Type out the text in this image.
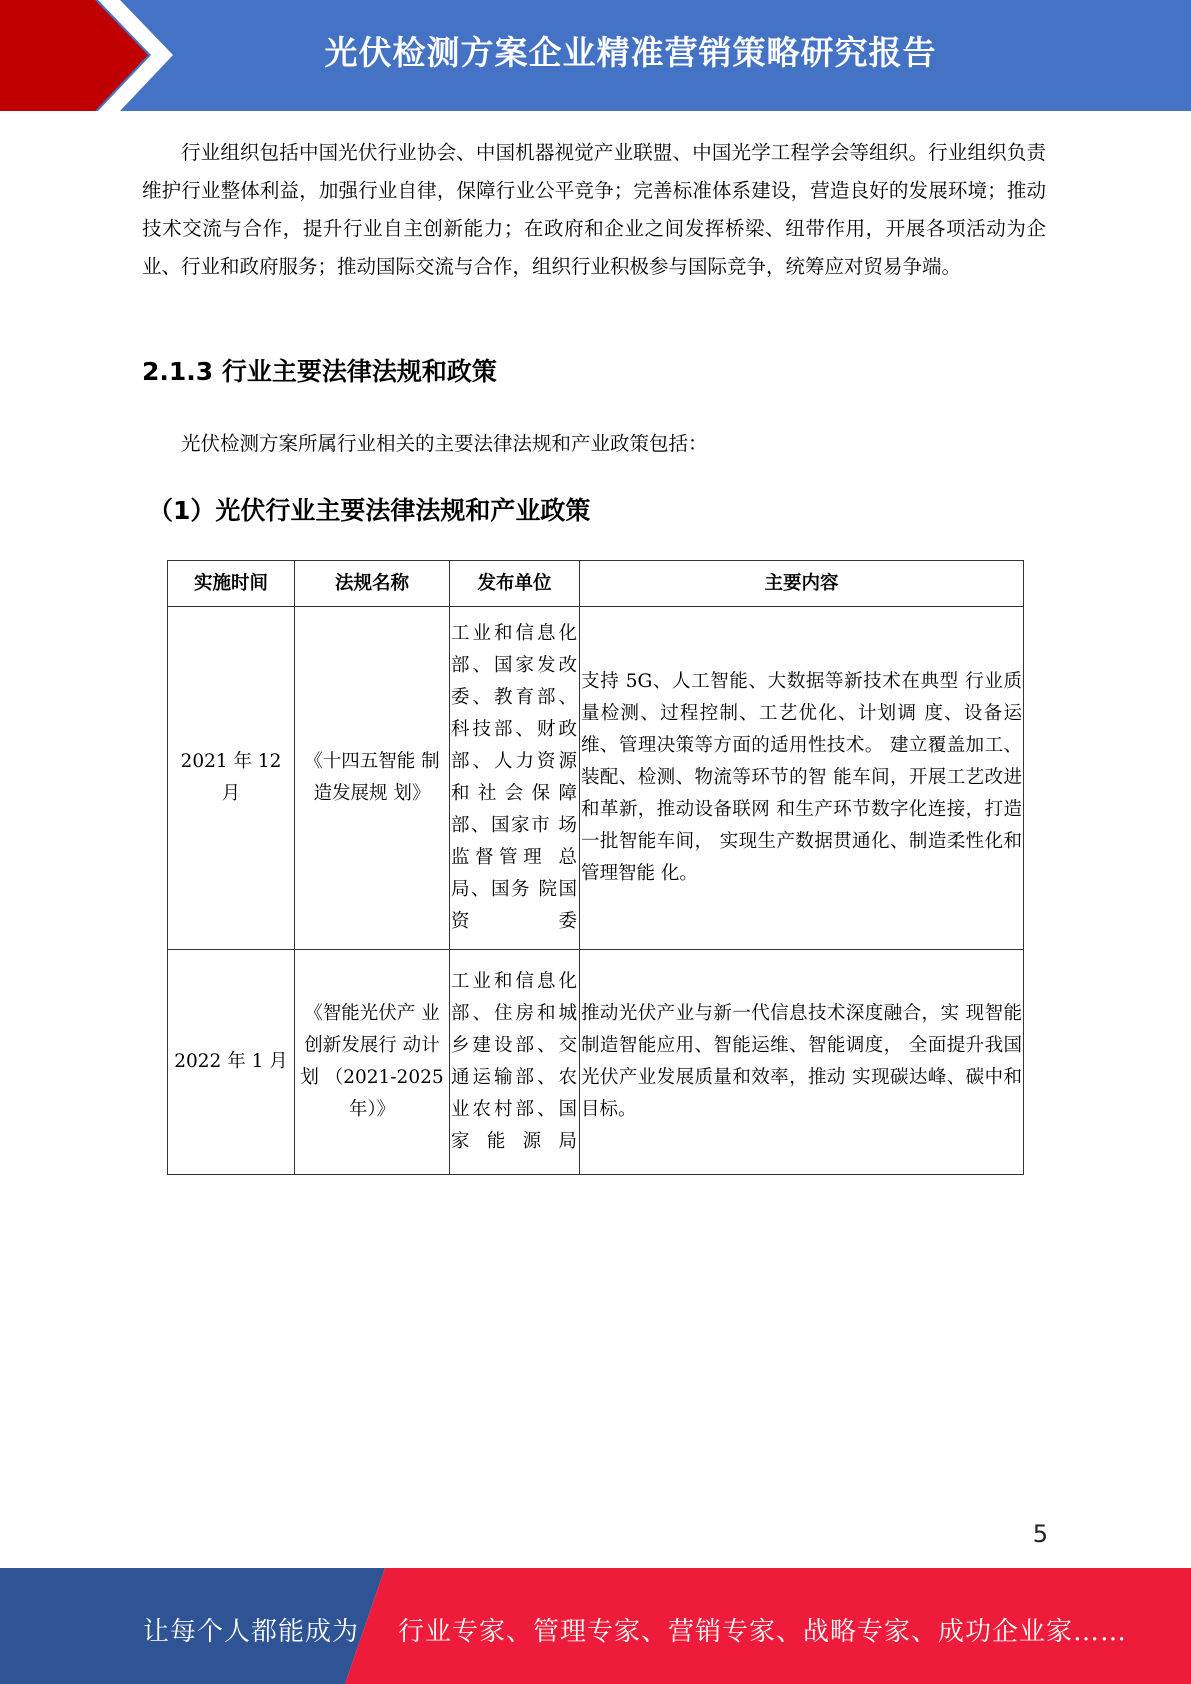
光伏检测方案企业精准营销策略研究报告

行业组织包括中国光伏行业协会、中国机器视觉产业联盟、中国光学工程学会等组织。行业组织负责维护行业整体利益，加强行业自律，保障行业公平竞争；完善标准体系建设，营造良好的发展环境；推动技术交流与合作，提升行业自主创新能力；在政府和企业之间发挥桥梁、纽带作用，开展各项活动为企业、行业和政府服务；推动国际交流与合作，组织行业积极参与国际竞争，统筹应对贸易争端。

2.1.3 行业主要法律法规和政策
光伏检测方案所属行业相关的主要法律法规和产业政策包括：
（1）光伏行业主要法律法规和产业政策
实施时间	法规名称	发布单位	主要内容
2021 年 12 月	《十四五智能 制造发展规 划》	工业和信息化部、国家发改委、教育部、科技部、财政部、人力资源和社会保障 部、国家市 场监督管理 总局、国务 院国资委	支持 5G、人工智能、大数据等新技术在典型 行业质量检测、过程控制、工艺优化、计划调 度、设备运维、管理决策等方面的适用性技术。 建立覆盖加工、装配、检测、物流等环节的智 能车间，开展工艺改进和革新，推动设备联网 和生产环节数字化连接，打造一批智能车间， 实现生产数据贯通化、制造柔性化和管理智能 化。
2022 年 1 月	《智能光伏产 业创新发展行 动计划 （2021-2025 年）》	工业和信息化部、住房和城乡建设部、交通运输部、农业农村部、国家能源局	推动光伏产业与新一代信息技术深度融合，实 现智能制造智能应用、智能运维、智能调度， 全面提升我国光伏产业发展质量和效率，推动 实现碳达峰、碳中和目标。
5
让每个人都能成为 行业专家、管理专家、营销专家、战略专家、成功企业家……
